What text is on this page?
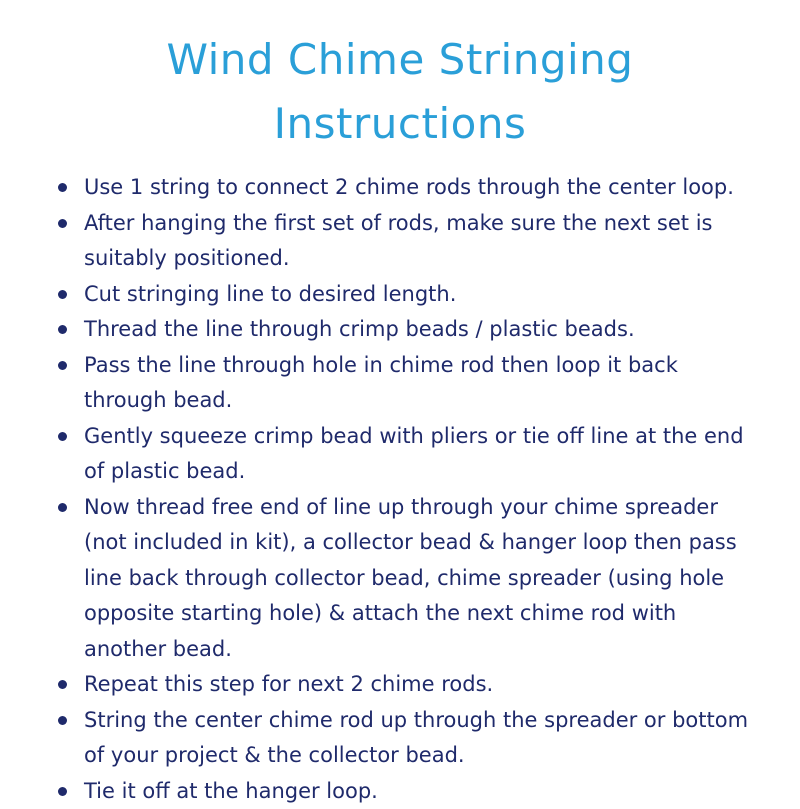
Wind Chime Stringing
Instructions
Use 1 string to connect 2 chime rods through the center loop.
After hanging the first set of rods, make sure the next set is suitably positioned.
Cut stringing line to desired length.
Thread the line through crimp beads / plastic beads.
Pass the line through hole in chime rod then loop it back through bead.
Gently squeeze crimp bead with pliers or tie off line at the end of plastic bead.
Now thread free end of line up through your chime spreader (not included in kit), a collector bead & hanger loop then pass line back through collector bead, chime spreader (using hole opposite starting hole) & attach the next chime rod with another bead.
Repeat this step for next 2 chime rods.
String the center chime rod up through the spreader or bottom of your project & the collector bead.
Tie it off at the hanger loop.
